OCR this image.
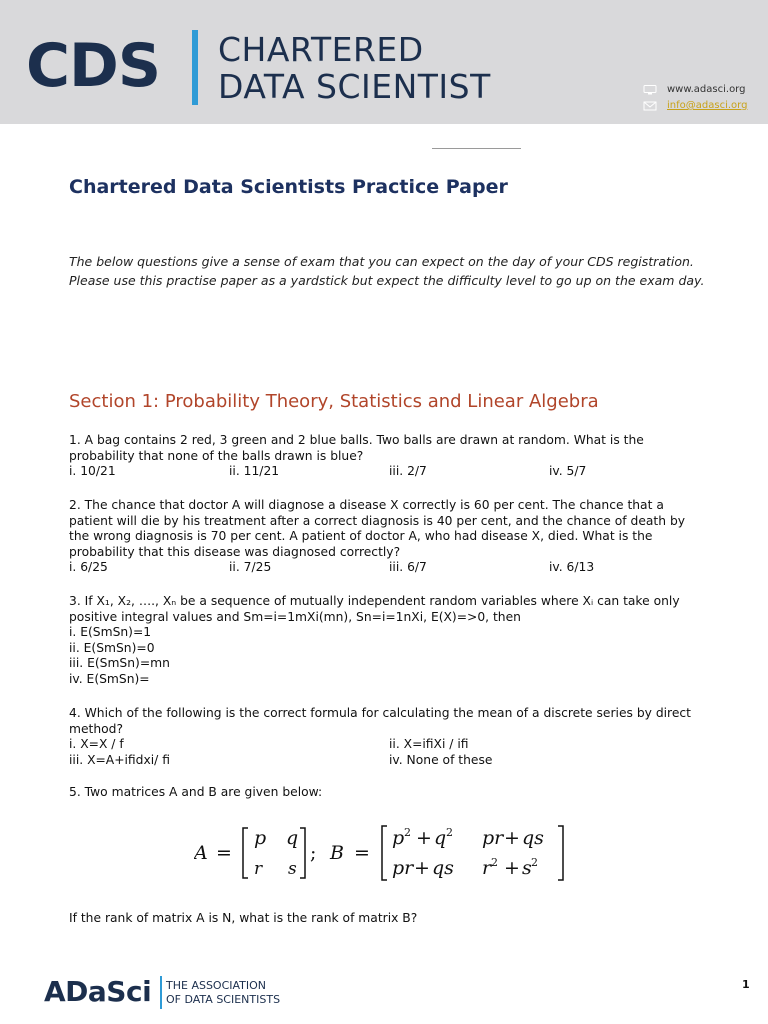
CDS CHARTERED
DATA SCIENTIST	www.adasci.org
info@adasci.org
Chartered Data Scientists Practice Paper
The below questions give a sense of exam that you can expect on the day of your CDS registration. Please use this practise paper as a yardstick but expect the difficulty level to go up on the exam day.
Section 1: Probability Theory, Statistics and Linear Algebra
1. A bag contains 2 red, 3 green and 2 blue balls. Two balls are drawn at random. What is the probability that none of the balls drawn is blue?
i. 10/21	ii. 11/21	iii. 2/7	iv. 5/7
2. The chance that doctor A will diagnose a disease X correctly is 60 per cent. The chance that a patient will die by his treatment after a correct diagnosis is 40 per cent, and the chance of death by the wrong diagnosis is 70 per cent. A patient of doctor A, who had disease X, died. What is the probability that this disease was diagnosed correctly?
i. 6/25	ii. 7/25	iii. 6/7	iv. 6/13
3. If X₁, X₂, …., Xₙ be a sequence of mutually independent random variables where Xᵢ can take only positive integral values and Sm=i=1mXi(mn), Sn=i=1nXi, E(X)=>0, then
i. E(SmSn)=1
ii. E(SmSn)=0
iii. E(SmSn)=mn
iv. E(SmSn)=
4. Which of the following is the correct formula for calculating the mean of a discrete series by direct method?
i. X=X / f	ii. X=ifiXi / ifi
iii. X=A+ifidxi/ fi	iv. None of these
5. Two matrices A and B are given below:
A =
p q
r s
; B =
p 2 + q 2 pr + qs
pr + qs r 2 + s 2
If the rank of matrix A is N, what is the rank of matrix B?
ADaSci THE ASSOCIATION
OF DATA SCIENTISTS
1
